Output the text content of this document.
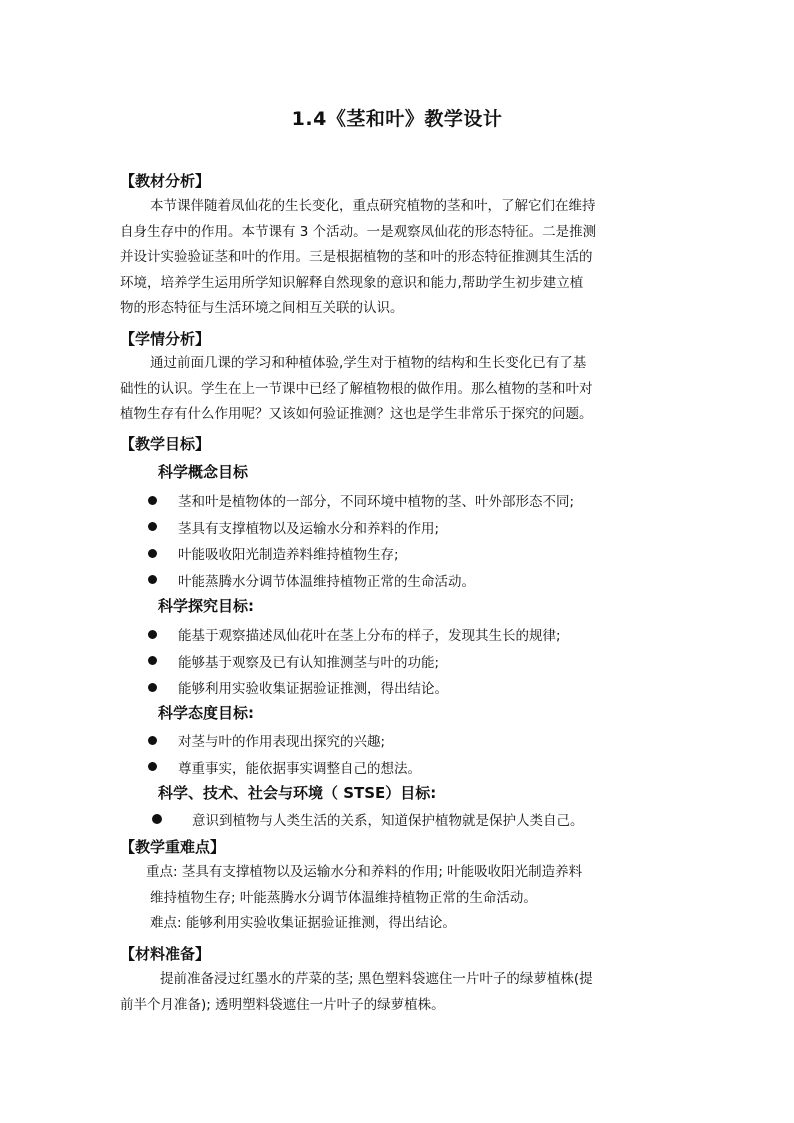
1.4《茎和叶》教学设计
【教材分析】
本节课伴随着凤仙花的生长变化，重点研究植物的茎和叶，了解它们在维持
自身生存中的作用。本节课有 3 个活动。一是观察凤仙花的形态特征。二是推测
并设计实验验证茎和叶的作用。三是根据植物的茎和叶的形态特征推测其生活的
环境，培养学生运用所学知识解释自然现象的意识和能力,帮助学生初步建立植
物的形态特征与生活环境之间相互关联的认识。
【学情分析】
通过前面几课的学习和种植体验,学生对于植物的结构和生长变化已有了基
础性的认识。学生在上一节课中已经了解植物根的做作用。那么植物的茎和叶对
植物生存有什么作用呢？又该如何验证推测？这也是学生非常乐于探究的问题。
【教学目标】
科学概念目标
茎和叶是植物体的一部分，不同环境中植物的茎、叶外部形态不同;
茎具有支撑植物以及运输水分和养料的作用;
叶能吸收阳光制造养料维持植物生存;
叶能蒸腾水分调节体温维持植物正常的生命活动。
科学探究目标:
能基于观察描述凤仙花叶在茎上分布的样子，发现其生长的规律;
能够基于观察及已有认知推测茎与叶的功能;
能够利用实验收集证据验证推测，得出结论。
科学态度目标:
对茎与叶的作用表现出探究的兴趣;
尊重事实，能依据事实调整自己的想法。
科学、技术、社会与环境（ STSE）目标:
意识到植物与人类生活的关系，知道保护植物就是保护人类自己。
【教学重难点】
重点: 茎具有支撑植物以及运输水分和养料的作用; 叶能吸收阳光制造养料
维持植物生存; 叶能蒸腾水分调节体温维持植物正常的生命活动。
难点: 能够利用实验收集证据验证推测，得出结论。
【材料准备】
提前准备浸过红墨水的芹菜的茎; 黑色塑料袋遮住一片叶子的绿萝植株(提
前半个月准备); 透明塑料袋遮住一片叶子的绿萝植株。
